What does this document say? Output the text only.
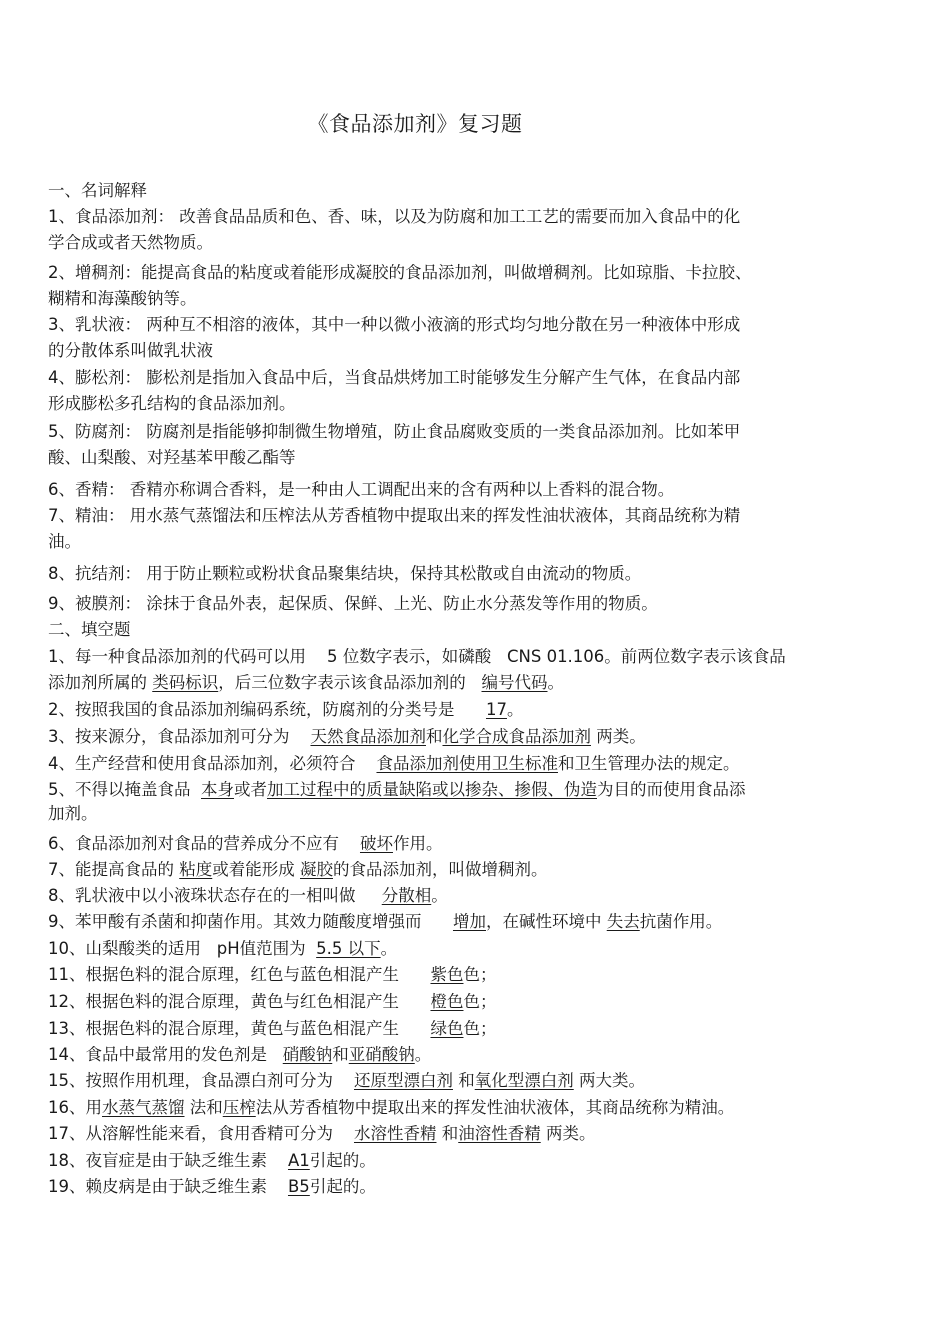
《食品添加剂》复习题
一、名词解释
1、食品添加剂： 改善食品品质和色、香、味，以及为防腐和加工工艺的需要而加入食品中的化
学合成或者天然物质。
2、增稠剂：能提高食品的粘度或着能形成凝胶的食品添加剂，叫做增稠剂。比如琼脂、卡拉胶、
糊精和海藻酸钠等。
3、乳状液： 两种互不相溶的液体，其中一种以微小液滴的形式均匀地分散在另一种液体中形成
的分散体系叫做乳状液
4、膨松剂： 膨松剂是指加入食品中后，当食品烘烤加工时能够发生分解产生气体，在食品内部
形成膨松多孔结构的食品添加剂。
5、防腐剂： 防腐剂是指能够抑制微生物增殖，防止食品腐败变质的一类食品添加剂。比如苯甲
酸、山梨酸、对羟基苯甲酸乙酯等
6、香精： 香精亦称调合香料，是一种由人工调配出来的含有两种以上香料的混合物。
7、精油： 用水蒸气蒸馏法和压榨法从芳香植物中提取出来的挥发性油状液体，其商品统称为精
油。
8、抗结剂： 用于防止颗粒或粉状食品聚集结块，保持其松散或自由流动的物质。
9、被膜剂： 涂抹于食品外表，起保质、保鲜、上光、防止水分蒸发等作用的物质。
二、填空题
1、每一种食品添加剂的代码可以用 5 位数字表示，如磷酸 CNS 01.106。前两位数字表示该食品
添加剂所属的 类码标识，后三位数字表示该食品添加剂的 编号代码。
2、按照我国的食品添加剂编码系统，防腐剂的分类号是 17。
3、按来源分，食品添加剂可分为 天然食品添加剂和化学合成食品添加剂 两类。
4、生产经营和使用食品添加剂，必须符合 食品添加剂使用卫生标准和卫生管理办法的规定。
5、不得以掩盖食品 本身或者加工过程中的质量缺陷或以掺杂、掺假、伪造为目的而使用食品添
加剂。
6、食品添加剂对食品的营养成分不应有 破坏作用。
7、能提高食品的 粘度或着能形成 凝胶的食品添加剂，叫做增稠剂。
8、乳状液中以小液珠状态存在的一相叫做 分散相。
9、苯甲酸有杀菌和抑菌作用。其效力随酸度增强而 增加，在碱性环境中 失去抗菌作用。
10、山梨酸类的适用 pH值范围为 5.5 以下。
11、根据色料的混合原理，红色与蓝色相混产生 紫色色；
12、根据色料的混合原理，黄色与红色相混产生 橙色色；
13、根据色料的混合原理，黄色与蓝色相混产生 绿色色；
14、食品中最常用的发色剂是 硝酸钠和亚硝酸钠。
15、按照作用机理，食品漂白剂可分为 还原型漂白剂 和氧化型漂白剂 两大类。
16、用水蒸气蒸馏 法和压榨法从芳香植物中提取出来的挥发性油状液体，其商品统称为精油。
17、从溶解性能来看，食用香精可分为 水溶性香精 和油溶性香精 两类。
18、夜盲症是由于缺乏维生素 A1引起的。
19、赖皮病是由于缺乏维生素 B5引起的。
